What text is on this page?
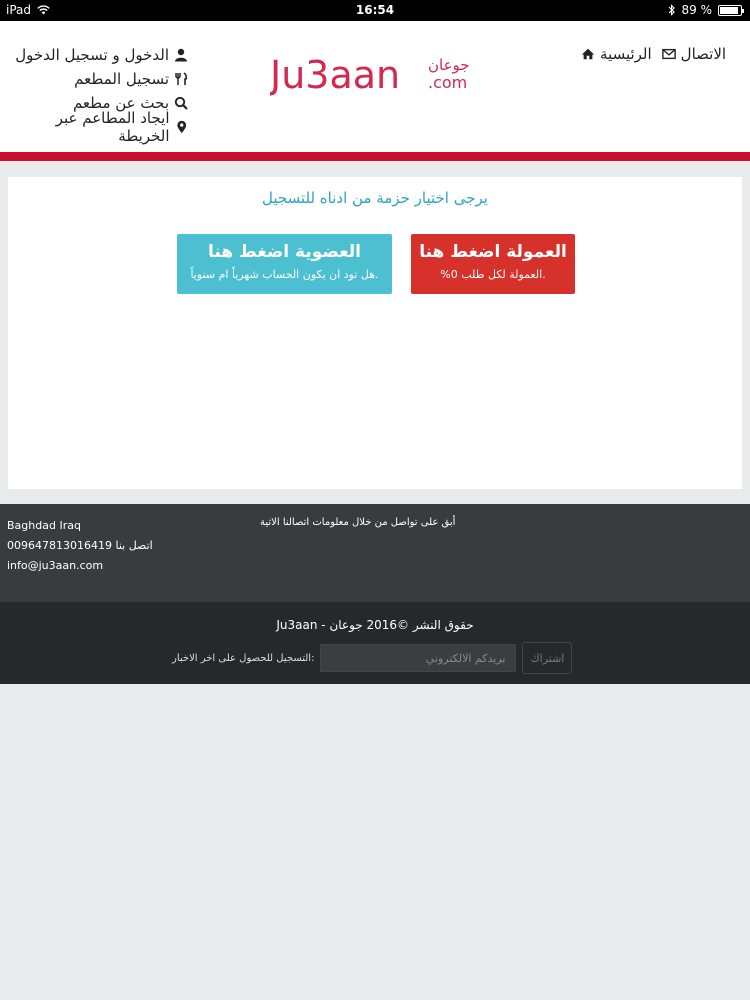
iPad	16:54	89 %
الاتصال
الرئيسية
Ju3aan جوعان
.com
الدخول و تسجيل الدخول
تسجيل المطعم
بحث عن مطعم
ايجاد المطاعم عبر الخريطة
يرجى اختيار حزمة من ادناه للتسجيل
العمولة اضغط هنا
.العمولة لكل طلب 0%
العضوية اضغط هنا
.هل تود ان يكون الحساب شهرياً ام سنوياً
Baghdad Iraq
009647813016419 اتصل بنا
info@ju3aan.com
أبق على تواصل من خلال معلومات اتصالنا الاتية
Ju3aan - حقوق النشر ©2016 جوعان
اشتراك
بريدكم الالكتروني
:التسجيل للحصول على اخر الاخبار
